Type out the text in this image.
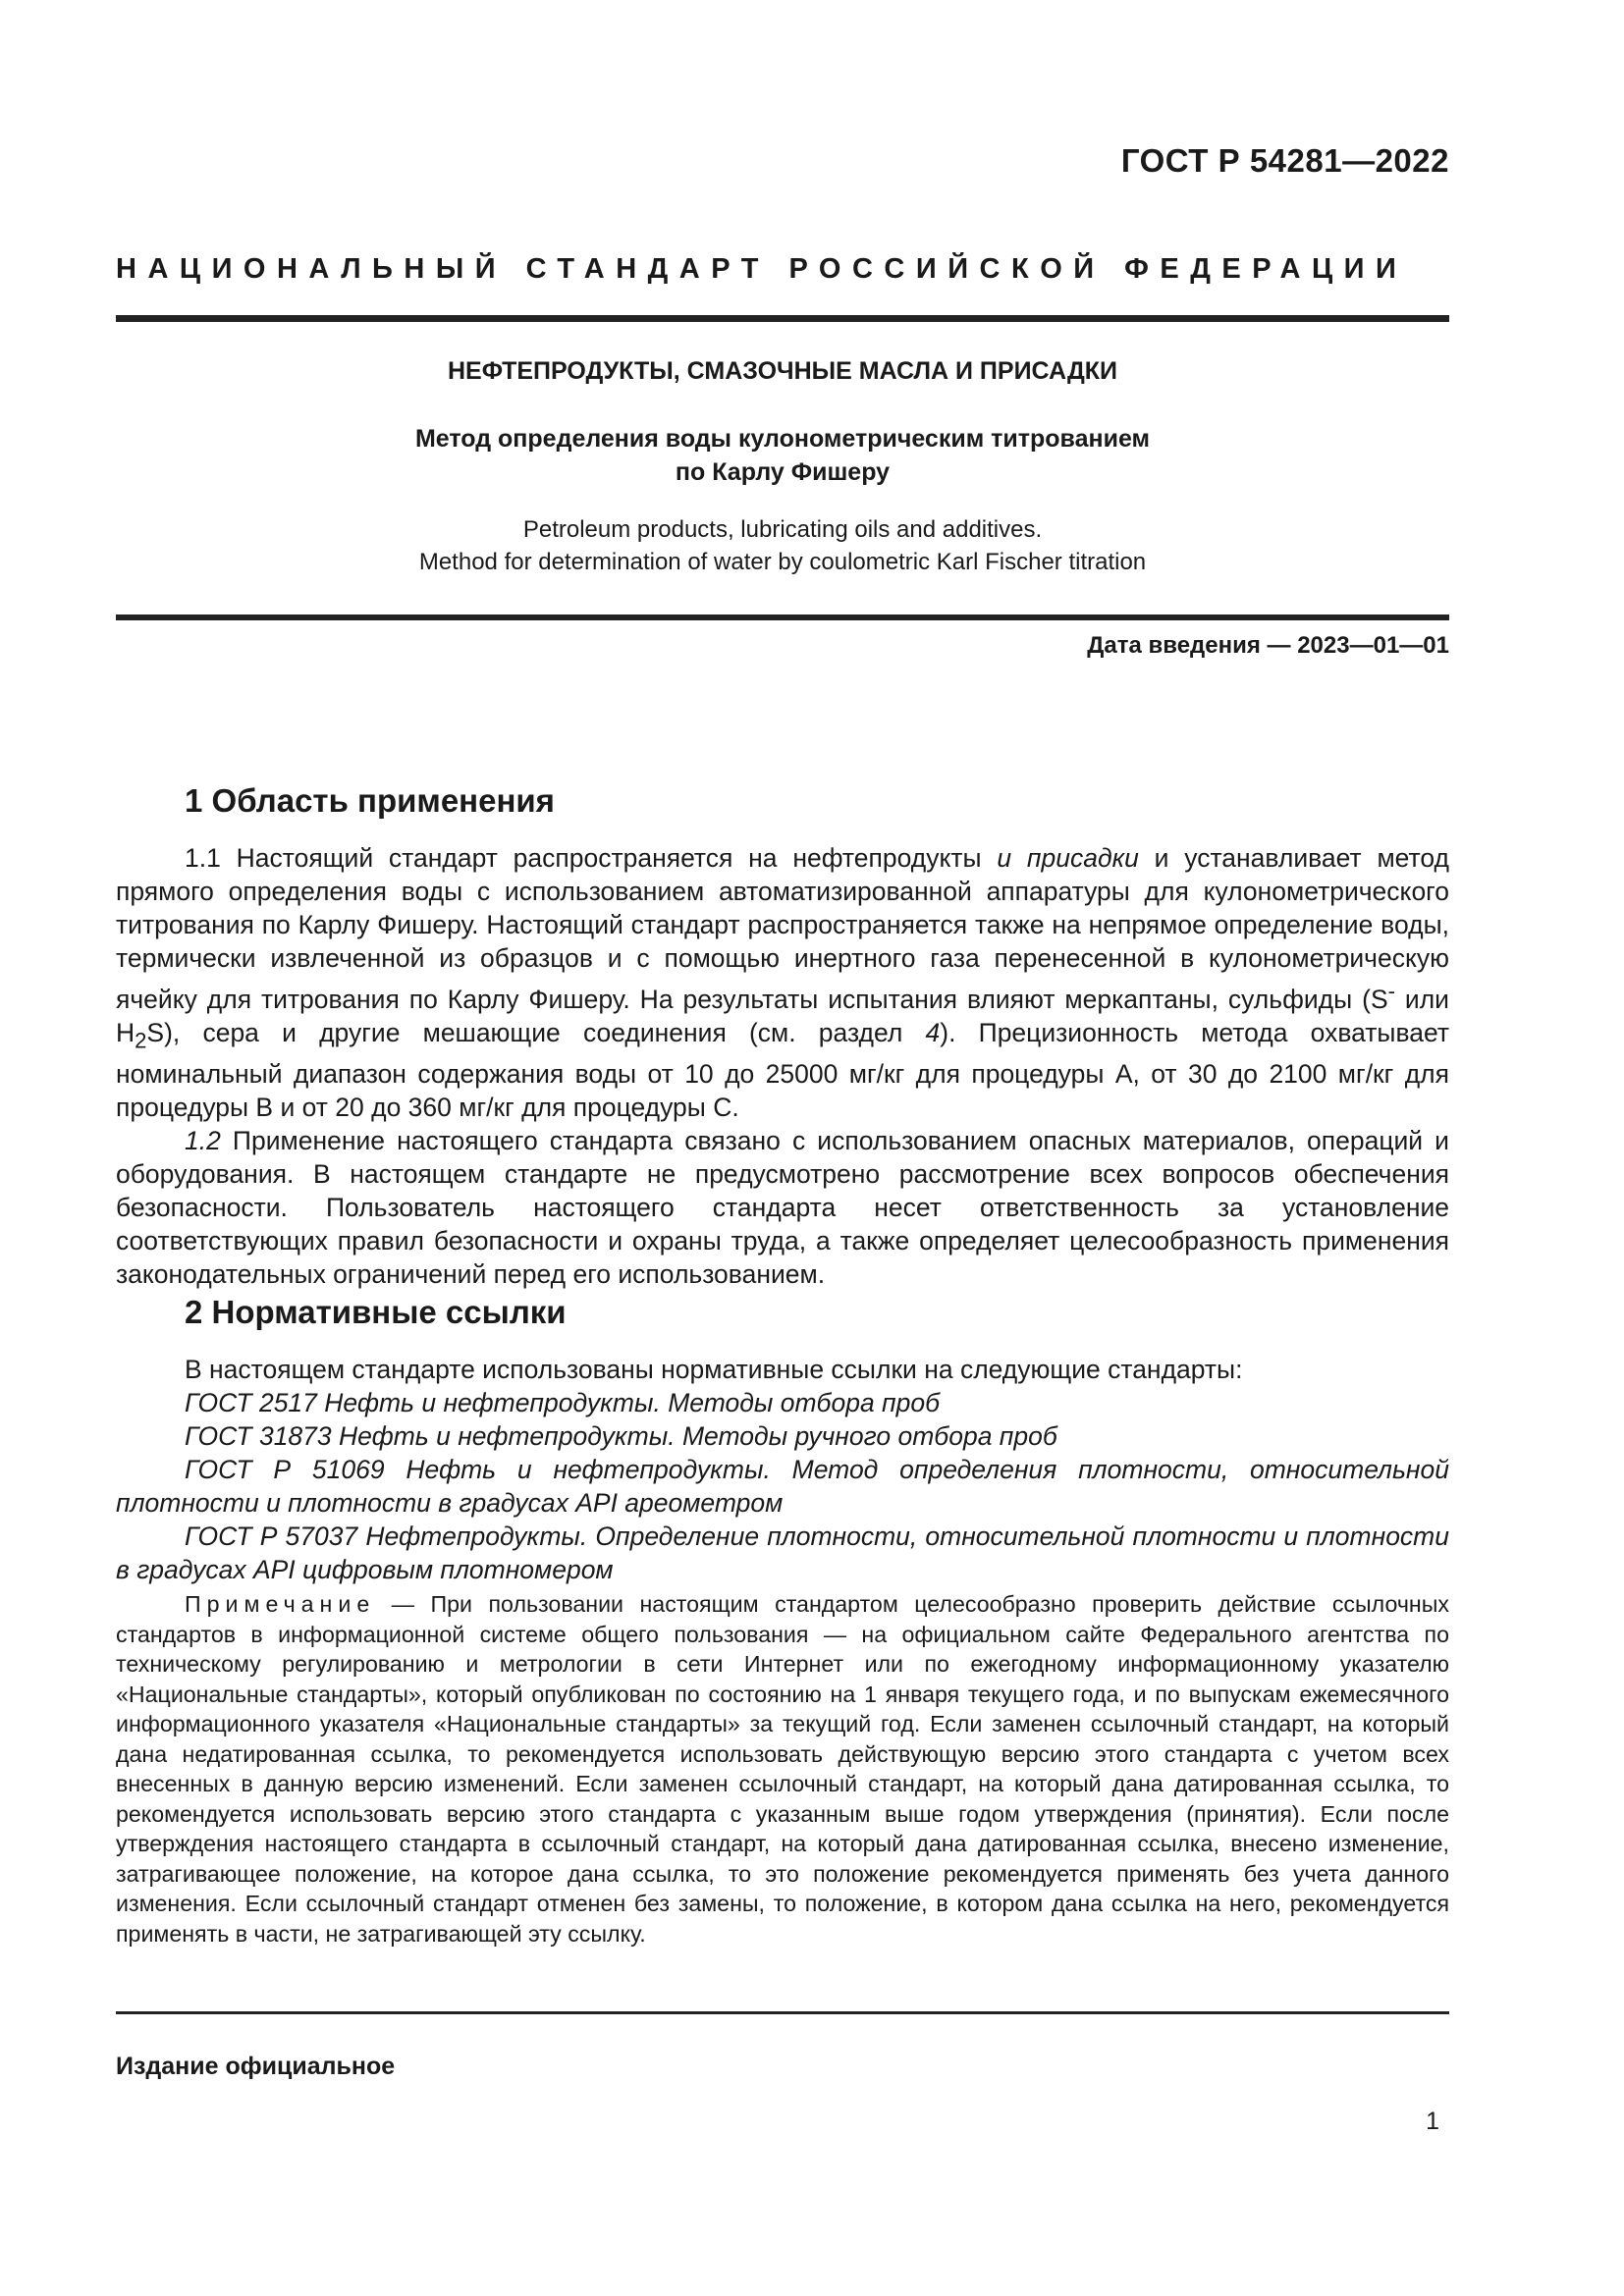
ГОСТ Р 54281—2022
НАЦИОНАЛЬНЫЙ СТАНДАРТ РОССИЙСКОЙ ФЕДЕРАЦИИ
НЕФТЕПРОДУКТЫ, СМАЗОЧНЫЕ МАСЛА И ПРИСАДКИ
Метод определения воды кулонометрическим титрованием
по Карлу Фишеру
Petroleum products, lubricating oils and additives.
Method for determination of water by coulometric Karl Fischer titration
Дата введения — 2023—01—01
1 Область применения

1.1 Настоящий стандарт распространяется на нефтепродукты и присадки и устанавливает метод прямого определения воды с использованием автоматизированной аппаратуры для кулонометрического титрования по Карлу Фишеру. Настоящий стандарт распространяется также на непрямое определение воды, термически извлеченной из образцов и с помощью инертного газа перенесенной в кулонометрическую ячейку для титрования по Карлу Фишеру. На результаты испытания влияют меркаптаны, сульфиды (S- или $H_2S$), сера и другие мешающие соединения (см. раздел 4). Прецизионность метода охватывает номинальный диапазон содержания воды от 10 до 25000 мг/кг для процедуры А, от 30 до 2100 мг/кг для процедуры В и от 20 до 360 мг/кг для процедуры С.

1.2 Применение настоящего стандарта связано с использованием опасных материалов, операций и оборудования. В настоящем стандарте не предусмотрено рассмотрение всех вопросов обеспечения безопасности. Пользователь настоящего стандарта несет ответственность за установление соответствующих правил безопасности и охраны труда, а также определяет целесообразность применения законодательных ограничений перед его использованием.

2 Нормативные ссылки

В настоящем стандарте использованы нормативные ссылки на следующие стандарты:

ГОСТ 2517 Нефть и нефтепродукты. Методы отбора проб

ГОСТ 31873 Нефть и нефтепродукты. Методы ручного отбора проб

ГОСТ Р 51069 Нефть и нефтепродукты. Метод определения плотности, относительной плотности и плотности в градусах API ареометром

ГОСТ Р 57037 Нефтепродукты. Определение плотности, относительной плотности и плотности в градусах API цифровым плотномером

Примечание — При пользовании настоящим стандартом целесообразно проверить действие ссылочных стандартов в информационной системе общего пользования — на официальном сайте Федерального агентства по техническому регулированию и метрологии в сети Интернет или по ежегодному информационному указателю «Национальные стандарты», который опубликован по состоянию на 1 января текущего года, и по выпускам ежемесячного информационного указателя «Национальные стандарты» за текущий год. Если заменен ссылочный стандарт, на который дана недатированная ссылка, то рекомендуется использовать действующую версию этого стандарта с учетом всех внесенных в данную версию изменений. Если заменен ссылочный стандарт, на который дана датированная ссылка, то рекомендуется использовать версию этого стандарта с указанным выше годом утверждения (принятия). Если после утверждения настоящего стандарта в ссылочный стандарт, на который дана датированная ссылка, внесено изменение, затрагивающее положение, на которое дана ссылка, то это положение рекомендуется применять без учета данного изменения. Если ссылочный стандарт отменен без замены, то положение, в котором дана ссылка на него, рекомендуется применять в части, не затрагивающей эту ссылку.

Издание официальное
1
